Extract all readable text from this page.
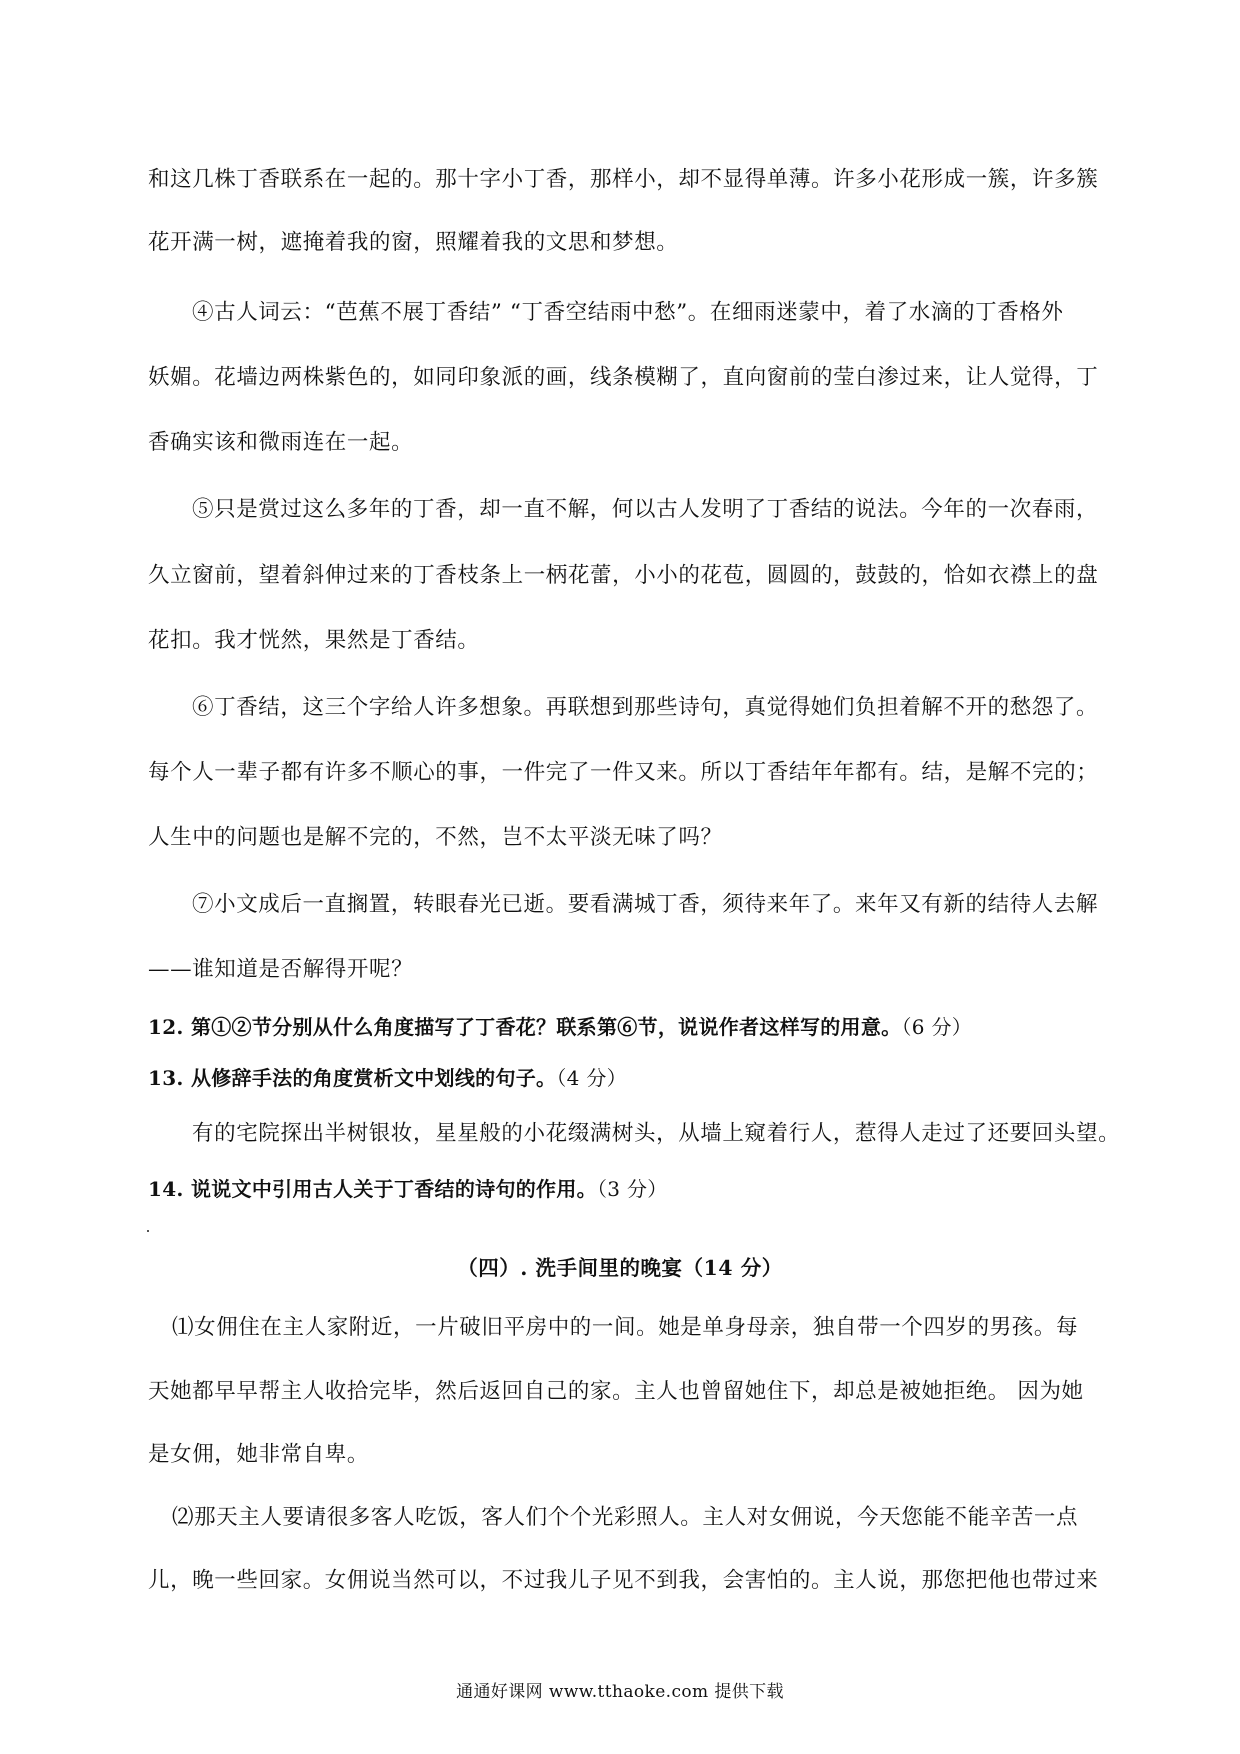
和这几株丁香联系在一起的。那十字小丁香，那样小，却不显得单薄。许多小花形成一簇，许多簇
花开满一树，遮掩着我的窗，照耀着我的文思和梦想。
④古人词云：“芭蕉不展丁香结” “丁香空结雨中愁”。在细雨迷蒙中，着了水滴的丁香格外
妖媚。花墙边两株紫色的，如同印象派的画，线条模糊了，直向窗前的莹白渗过来，让人觉得，丁
香确实该和微雨连在一起。
⑤只是赏过这么多年的丁香，却一直不解，何以古人发明了丁香结的说法。今年的一次春雨，
久立窗前，望着斜伸过来的丁香枝条上一柄花蕾，小小的花苞，圆圆的，鼓鼓的，恰如衣襟上的盘
花扣。我才恍然，果然是丁香结。
⑥丁香结，这三个字给人许多想象。再联想到那些诗句，真觉得她们负担着解不开的愁怨了。
每个人一辈子都有许多不顺心的事，一件完了一件又来。所以丁香结年年都有。结，是解不完的；
人生中的问题也是解不完的，不然，岂不太平淡无味了吗？
⑦小文成后一直搁置，转眼春光已逝。要看满城丁香，须待来年了。来年又有新的结待人去解
——谁知道是否解得开呢？
12. 第①②节分别从什么角度描写了丁香花？联系第⑥节，说说作者这样写的用意。（6 分）
13. 从修辞手法的角度赏析文中划线的句子。（4 分）
有的宅院探出半树银妆，星星般的小花缀满树头，从墙上窥着行人，惹得人走过了还要回头望。
14. 说说文中引用古人关于丁香结的诗句的作用。（3 分）
（四）. 洗手间里的晚宴（14 分）
⑴女佣住在主人家附近，一片破旧平房中的一间。她是单身母亲，独自带一个四岁的男孩。每
天她都早早帮主人收拾完毕，然后返回自己的家。主人也曾留她住下，却总是被她拒绝。 因为她
是女佣，她非常自卑。
⑵那天主人要请很多客人吃饭，客人们个个光彩照人。主人对女佣说，今天您能不能辛苦一点
儿，晚一些回家。女佣说当然可以，不过我儿子见不到我，会害怕的。主人说，那您把他也带过来
通通好课网 www.tthaoke.com 提供下载
